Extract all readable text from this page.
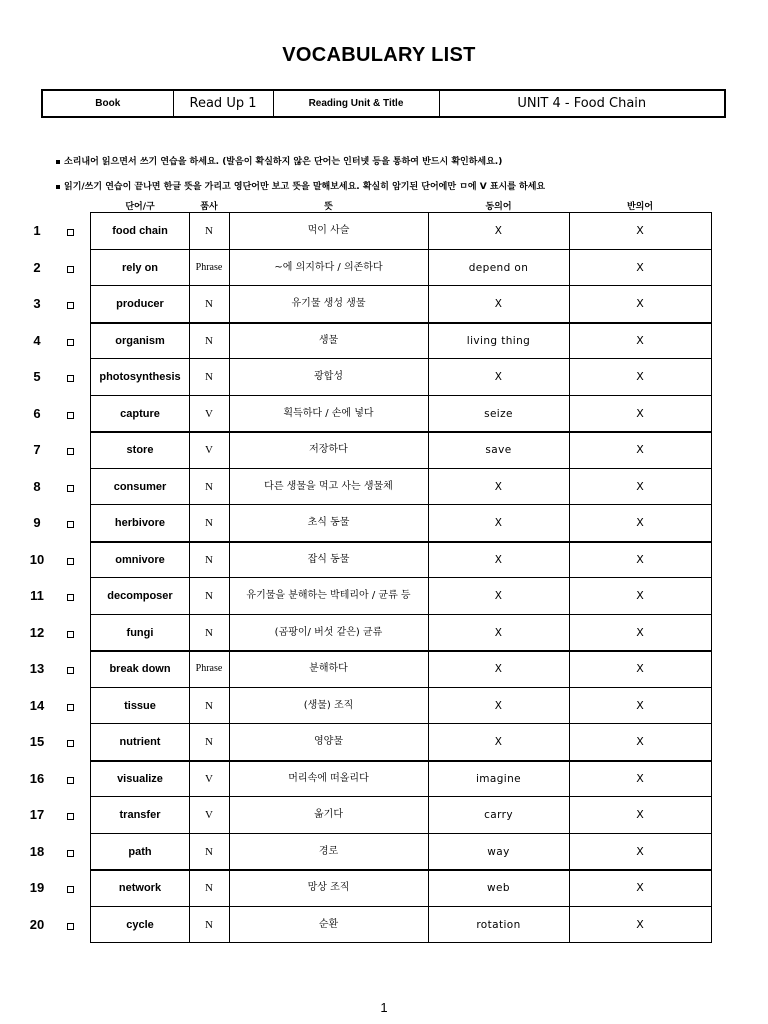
VOCABULARY LIST
Book	Read Up 1	Reading Unit & Title	UNIT 4 - Food Chain
소리내어 읽으면서 쓰기 연습을 하세요. (발음이 확실하지 않은 단어는 인터넷 등을 통하여 반드시 확인하세요.)
읽기/쓰기 연습이 끝나면 한글 뜻을 가리고 영단어만 보고 뜻을 말해보세요. 확실히 암기된 단어에만 ㅁ에 V 표시를 하세요
단어/구	품사	뜻	동의어	반의어
1	food chain	N	먹이 사슬	X	X
2	rely on	Phrase	~에 의지하다 / 의존하다	depend on	X
3	producer	N	유기물 생성 생물	X	X
4	organism	N	생물	living thing	X
5	photosynthesis	N	광합성	X	X
6	capture	V	획득하다 / 손에 넣다	seize	X
7	store	V	저장하다	save	X
8	consumer	N	다른 생물을 먹고 사는 생물체	X	X
9	herbivore	N	초식 동물	X	X
10	omnivore	N	잡식 동물	X	X
11	decomposer	N	유기물을 분해하는 박테리아 / 균류 등	X	X
12	fungi	N	(곰팡이/ 버섯 같은) 균류	X	X
13	break down	Phrase	분해하다	X	X
14	tissue	N	(생물) 조직	X	X
15	nutrient	N	영양물	X	X
16	visualize	V	머리속에 떠올리다	imagine	X
17	transfer	V	옮기다	carry	X
18	path	N	경로	way	X
19	network	N	망상 조직	web	X
20	cycle	N	순환	rotation	X
1
